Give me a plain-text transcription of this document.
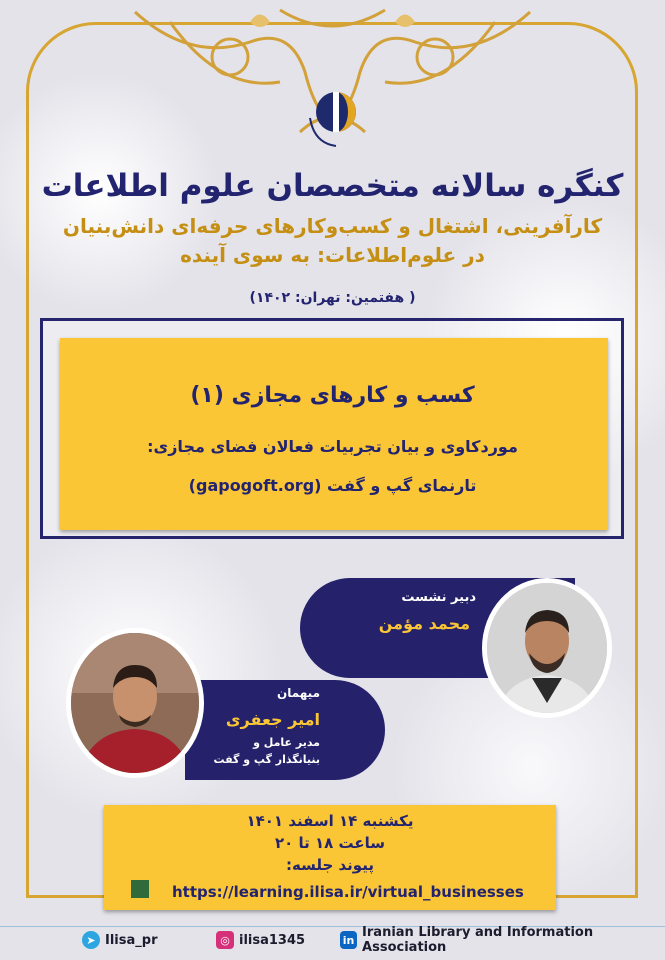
کنگره سالانه متخصصان علوم اطلاعات
کارآفرینی، اشتغال و کسب‌وکارهای حرفه‌ای دانش‌بنیان
در علوم‌اطلاعات: به سوی آینده
( هفتمین: تهران: ۱۴۰۲)
کسب و کارهای مجازی (۱)
موردکاوی و بیان تجربیات فعالان فضای مجازی:
تارنمای گپ و گفت (gapogoft.org)
دبیر نشست
محمد مؤمن
میهمان
امیر جعفری
مدیر عامل و
بنیانگذار گپ و گفت
یکشنبه ۱۴ اسفند ۱۴۰۱
ساعت ۱۸ تا ۲۰
پیوند جلسه:
https://learning.ilisa.ir/virtual_businesses
➤ Ilisa_pr	◎ ilisa1345	in Iranian Library and Information Association
